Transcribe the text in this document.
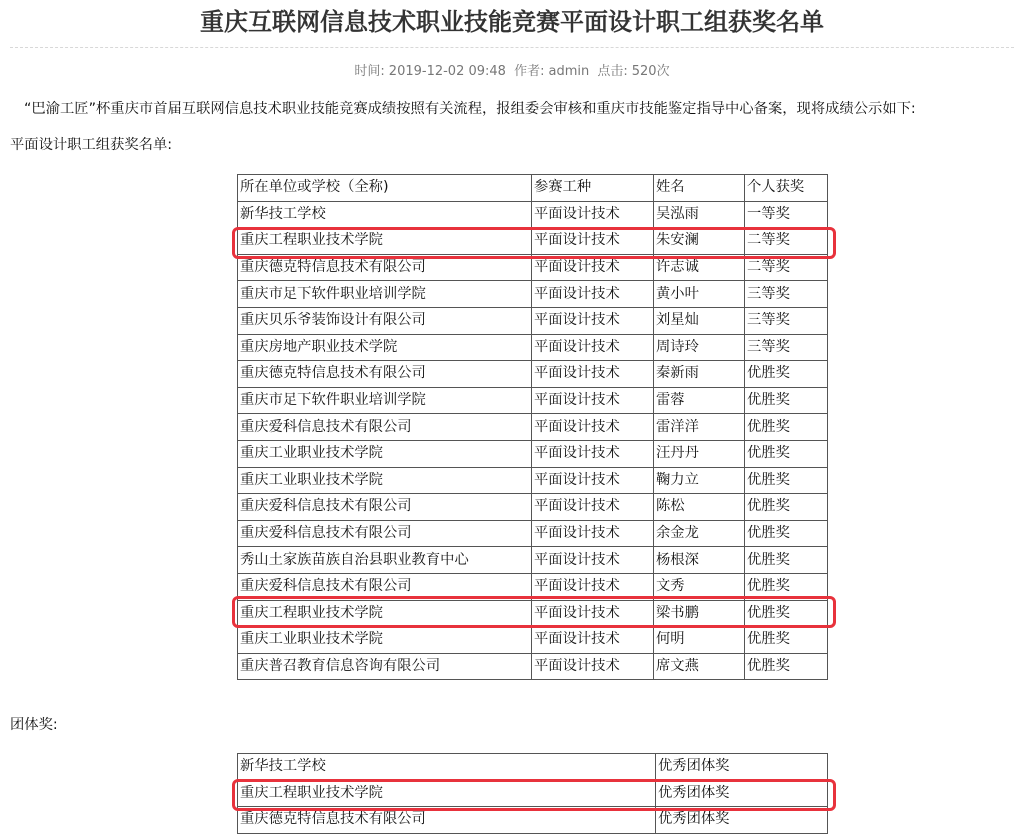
重庆互联网信息技术职业技能竞赛平面设计职工组获奖名单
时间: 2019-12-02 09:48 作者: admin 点击: 520次
“巴渝工匠”杯重庆市首届互联网信息技术职业技能竞赛成绩按照有关流程，报组委会审核和重庆市技能鉴定指导中心备案，现将成绩公示如下:
平面设计职工组获奖名单:
所在单位或学校（全称)	参赛工种	姓名	个人获奖
新华技工学校	平面设计技术	吴泓雨	一等奖
重庆工程职业技术学院	平面设计技术	朱安澜	二等奖
重庆德克特信息技术有限公司	平面设计技术	许志诚	二等奖
重庆市足下软件职业培训学院	平面设计技术	黄小叶	三等奖
重庆贝乐爷装饰设计有限公司	平面设计技术	刘星灿	三等奖
重庆房地产职业技术学院	平面设计技术	周诗玲	三等奖
重庆德克特信息技术有限公司	平面设计技术	秦新雨	优胜奖
重庆市足下软件职业培训学院	平面设计技术	雷蓉	优胜奖
重庆爱科信息技术有限公司	平面设计技术	雷洋洋	优胜奖
重庆工业职业技术学院	平面设计技术	汪丹丹	优胜奖
重庆工业职业技术学院	平面设计技术	鞠力立	优胜奖
重庆爱科信息技术有限公司	平面设计技术	陈松	优胜奖
重庆爱科信息技术有限公司	平面设计技术	余金龙	优胜奖
秀山土家族苗族自治县职业教育中心	平面设计技术	杨根深	优胜奖
重庆爱科信息技术有限公司	平面设计技术	文秀	优胜奖
重庆工程职业技术学院	平面设计技术	梁书鹏	优胜奖
重庆工业职业技术学院	平面设计技术	何明	优胜奖
重庆普召教育信息咨询有限公司	平面设计技术	席文燕	优胜奖
团体奖:
新华技工学校	优秀团体奖
重庆工程职业技术学院	优秀团体奖
重庆德克特信息技术有限公司	优秀团体奖
